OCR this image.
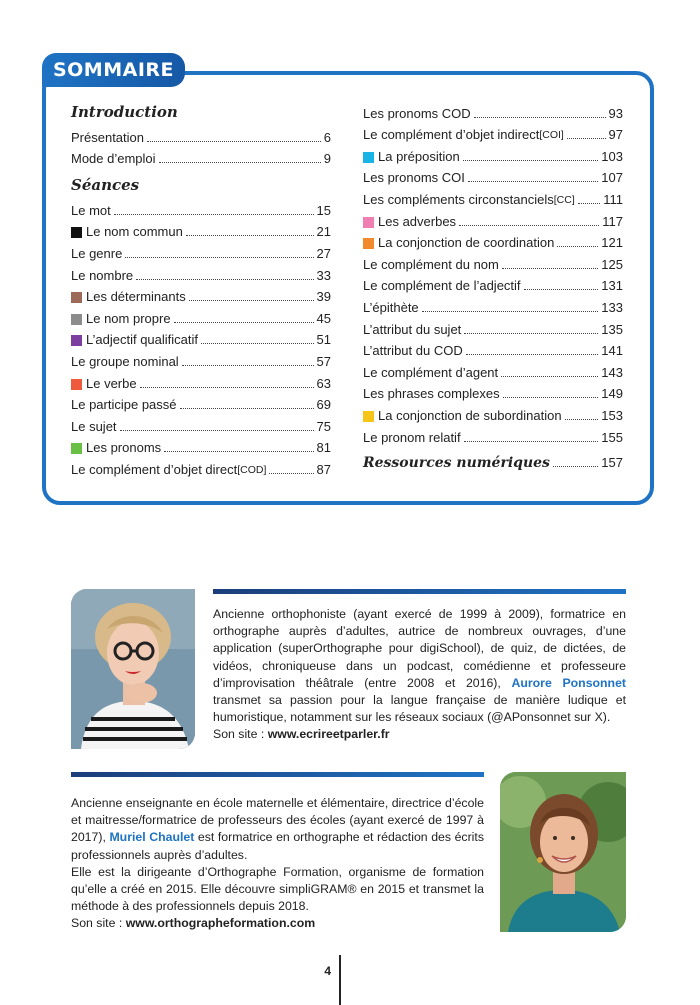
SOMMAIRE
Introduction
Présentation	6
Mode d’emploi	9
Séances
Le mot	15
Le nom commun	21
Le genre	27
Le nombre	33
Les déterminants	39
Le nom propre	45
L’adjectif qualificatif	51
Le groupe nominal	57
Le verbe	63
Le participe passé	69
Le sujet	75
Les pronoms	81
Le complément d’objet direct [COD]	87
Les pronoms COD	93
Le complément d’objet indirect [COI]	97
La préposition	103
Les pronoms COI	107
Les compléments circonstanciels [CC] 111
Les adverbes	117
La conjonction de coordination	121
Le complément du nom	125
Le complément de l’adjectif	131
L’épithète	133
L’attribut du sujet	135
L’attribut du COD	141
Le complément d’agent	143
Les phrases complexes	149
La conjonction de subordination	153
Le pronom relatif	155
Ressources numériques	157
Ancienne orthophoniste (ayant exercé de 1999 à 2009), formatrice en orthographe auprès d’adultes, autrice de nombreux ouvrages, d’une application (superOrthographe pour digiSchool), de quiz, de dictées, de vidéos, chroniqueuse dans un podcast, comédienne et professeure d’improvisation théâtrale (entre 2008 et 2016), Aurore Ponsonnet transmet sa passion pour la langue française de manière ludique et humoristique, notamment sur les réseaux sociaux (@APonsonnet sur X).
Son site : www.ecrireetparler.fr
Ancienne enseignante en école maternelle et élémentaire, directrice d’école et maitresse/formatrice de professeurs des écoles (ayant exercé de 1997 à 2017), Muriel Chaulet est formatrice en orthographe et rédaction des écrits professionnels auprès d’adultes.
Elle est la dirigeante d’Orthographe Formation, organisme de formation qu’elle a créé en 2015. Elle découvre simpliGRAM® en 2015 et transmet la méthode à des professionnels depuis 2018.
Son site : www.orthographeformation.com
4
